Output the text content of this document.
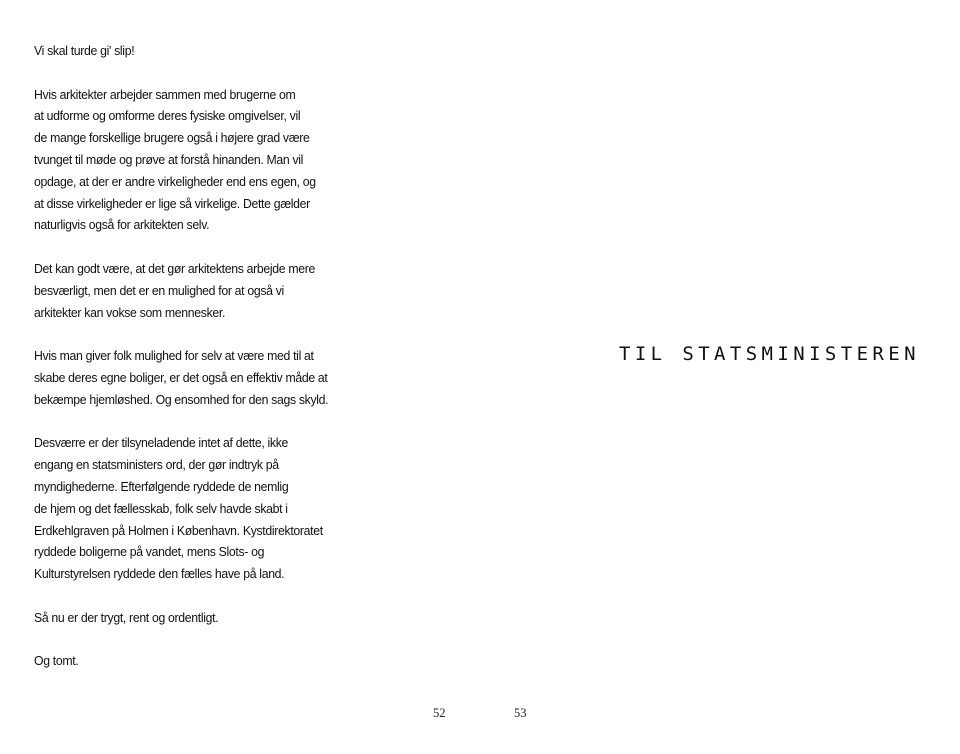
Vi skal turde gi' slip!

Hvis arkitekter arbejder sammen med brugerne om
at udforme og omforme deres fysiske omgivelser, vil
de mange forskellige brugere også i højere grad være
tvunget til møde og prøve at forstå hinanden. Man vil
opdage, at der er andre virkeligheder end ens egen, og
at disse virkeligheder er lige så virkelige. Dette gælder
naturligvis også for arkitekten selv.

Det kan godt være, at det gør arkitektens arbejde mere
besværligt, men det er en mulighed for at også vi
arkitekter kan vokse som mennesker.

Hvis man giver folk mulighed for selv at være med til at
skabe deres egne boliger, er det også en effektiv måde at
bekæmpe hjemløshed. Og ensomhed for den sags skyld.

Desværre er der tilsyneladende intet af dette, ikke
engang en statsministers ord, der gør indtryk på
myndighederne. Efterfølgende ryddede de nemlig
de hjem og det fællesskab, folk selv havde skabt i
Erdkehlgraven på Holmen i København. Kystdirektoratet
ryddede boligerne på vandet, mens Slots- og
Kulturstyrelsen ryddede den fælles have på land.

Så nu er der trygt, rent og ordentligt.

Og tomt.

52
TIL STATSMINISTEREN
53
